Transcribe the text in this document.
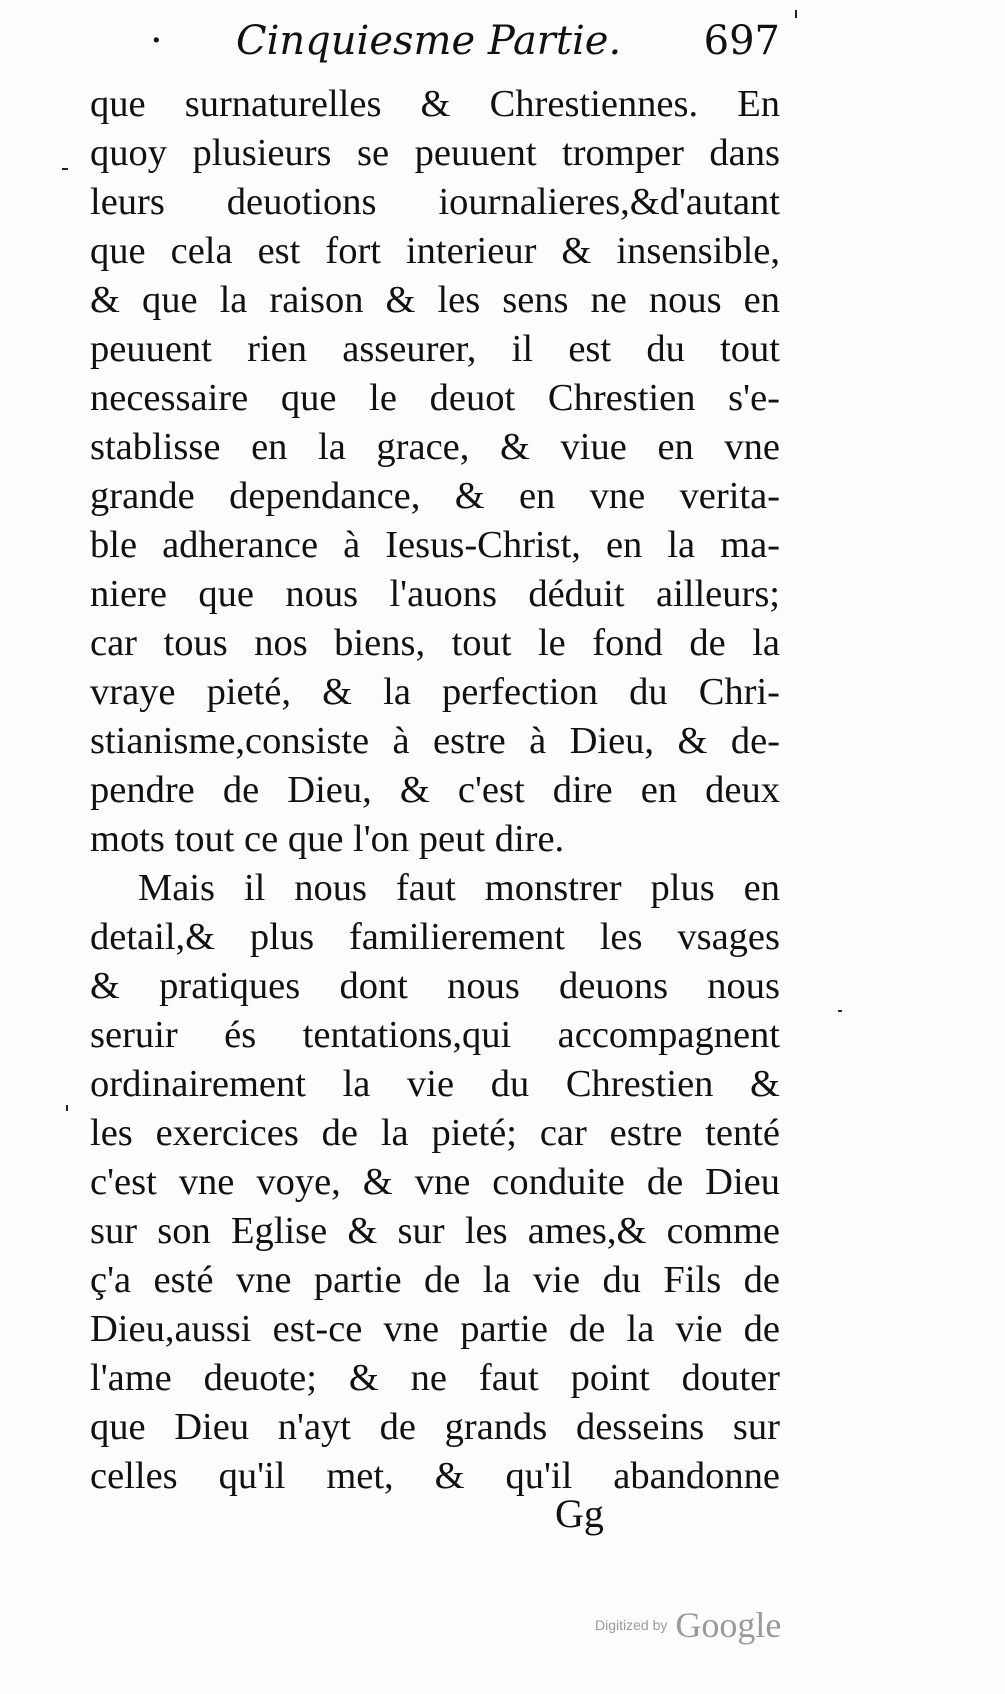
· Cinquiesme Partie. 697
que surnaturelles & Chrestiennes. En
quoy plusieurs se peuuent tromper dans
leurs deuotions iournalieres,&d'autant
que cela est fort interieur & insensible,
& que la raison & les sens ne nous en
peuuent rien asseurer, il est du tout
necessaire que le deuot Chrestien s'e-
stablisse en la grace, & viue en vne
grande dependance, & en vne verita-
ble adherance à Iesus-Christ, en la ma-
niere que nous l'auons déduit ailleurs;
car tous nos biens, tout le fond de la
vraye pieté, & la perfection du Chri-
stianisme,consiste à estre à Dieu, & de-
pendre de Dieu, & c'est dire en deux
mots tout ce que l'on peut dire.
Mais il nous faut monstrer plus en
detail,& plus familierement les vsages
& pratiques dont nous deuons nous
seruir és tentations,qui accompagnent
ordinairement la vie du Chrestien &
les exercices de la pieté; car estre tenté
c'est vne voye, & vne conduite de Dieu
sur son Eglise & sur les ames,& comme
ç'a esté vne partie de la vie du Fils de
Dieu,aussi est-ce vne partie de la vie de
l'ame deuote; & ne faut point douter
que Dieu n'ayt de grands desseins sur
celles qu'il met, & qu'il abandonne
Gg
Digitized by Google
